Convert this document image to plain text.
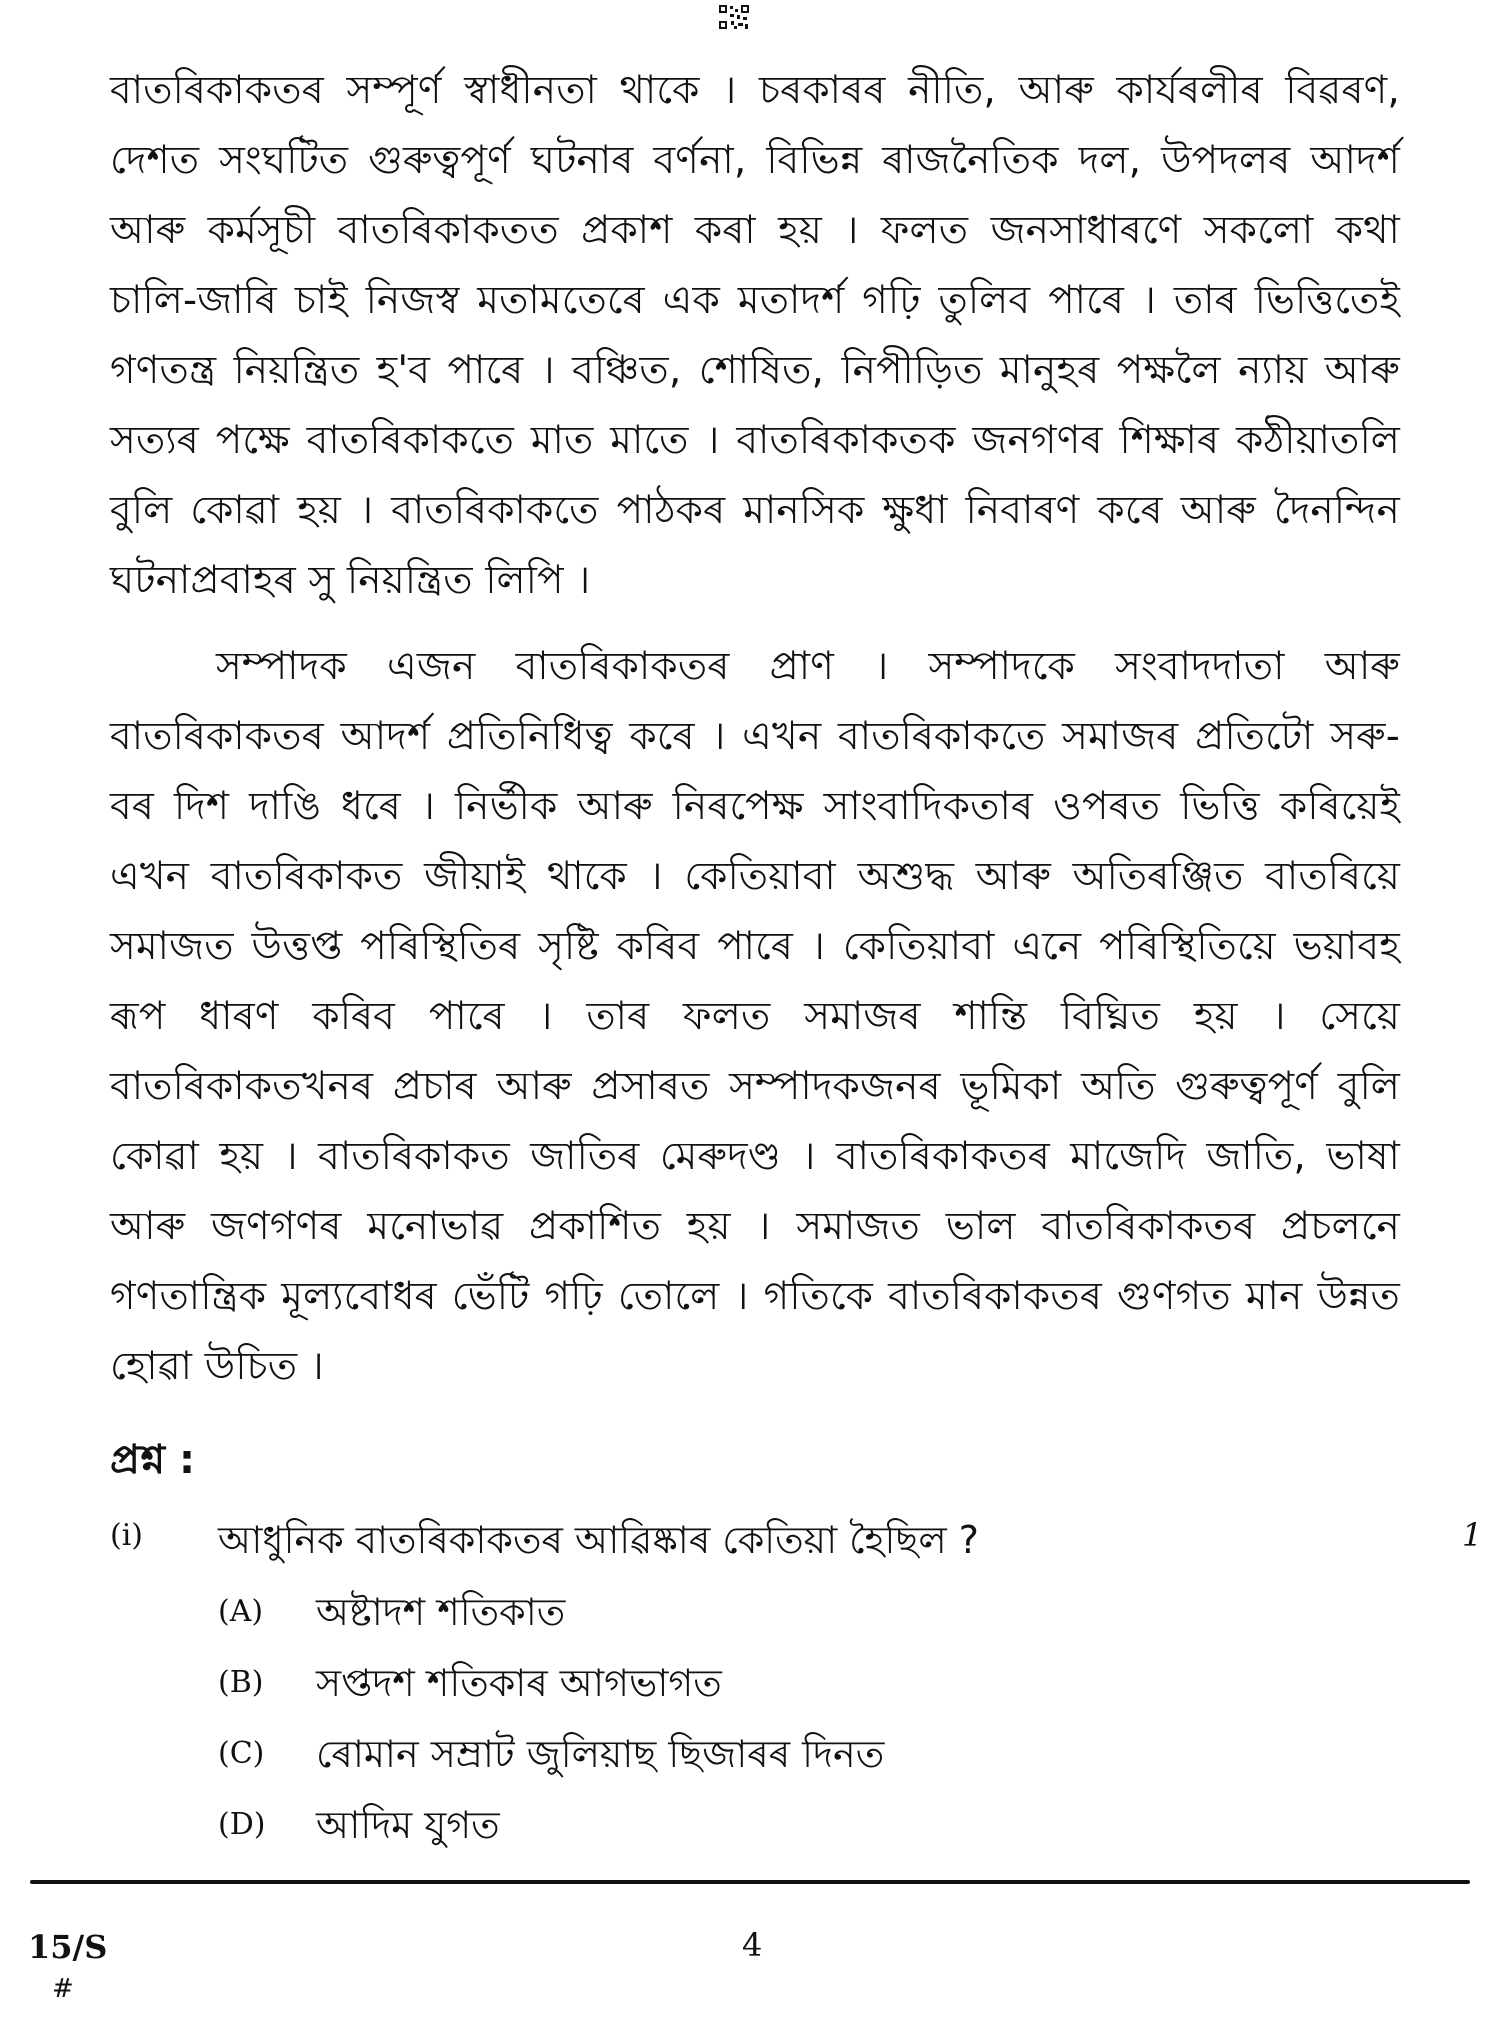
বাতৰিকাকতৰ সম্পূৰ্ণ স্বাধীনতা থাকে । চৰকাৰৰ নীতি, আৰু কাৰ্যৰলীৰ বিৱৰণ, দেশত সংঘটিত গুৰুত্বপূৰ্ণ ঘটনাৰ বৰ্ণনা, বিভিন্ন ৰাজনৈতিক দল, উপদলৰ আদৰ্শ আৰু কৰ্মসূচী বাতৰিকাকতত প্ৰকাশ কৰা হয় । ফলত জনসাধাৰণে সকলো কথা চালি-জাৰি চাই নিজস্ব মতামতেৰে এক মতাদৰ্শ গঢ়ি তুলিব পাৰে । তাৰ ভিত্তিতেই গণতন্ত্ৰ নিয়ন্ত্ৰিত হ'ব পাৰে । বঞ্চিত, শোষিত, নিপীড়িত মানুহৰ পক্ষলৈ ন্যায় আৰু সত্যৰ পক্ষে বাতৰিকাকতে মাত মাতে । বাতৰিকাকতক জনগণৰ শিক্ষাৰ কঠীয়াতলি বুলি কোৱা হয় । বাতৰিকাকতে পাঠকৰ মানসিক ক্ষুধা নিবাৰণ কৰে আৰু দৈনন্দিন ঘটনাপ্ৰবাহৰ সু নিয়ন্ত্ৰিত লিপি ।

সম্পাদক এজন বাতৰিকাকতৰ প্ৰাণ । সম্পাদকে সংবাদদাতা আৰু বাতৰিকাকতৰ আদৰ্শ প্ৰতিনিধিত্ব কৰে । এখন বাতৰিকাকতে সমাজৰ প্ৰতিটো সৰু-বৰ দিশ দাঙি ধৰে । নিৰ্ভীক আৰু নিৰপেক্ষ সাংবাদিকতাৰ ওপৰত ভিত্তি কৰিয়েই এখন বাতৰিকাকত জীয়াই থাকে । কেতিয়াবা অশুদ্ধ আৰু অতিৰঞ্জিত বাতৰিয়ে সমাজত উত্তপ্ত পৰিস্থিতিৰ সৃষ্টি কৰিব পাৰে । কেতিয়াবা এনে পৰিস্থিতিয়ে ভয়াবহ ৰূপ ধাৰণ কৰিব পাৰে । তাৰ ফলত সমাজৰ শান্তি বিঘ্নিত হয় । সেয়ে বাতৰিকাকতখনৰ প্ৰচাৰ আৰু প্ৰসাৰত সম্পাদকজনৰ ভূমিকা অতি গুৰুত্বপূৰ্ণ বুলি কোৱা হয় । বাতৰিকাকত জাতিৰ মেৰুদণ্ড । বাতৰিকাকতৰ মাজেদি জাতি, ভাষা আৰু জণগণৰ মনোভাৱ প্ৰকাশিত হয় । সমাজত ভাল বাতৰিকাকতৰ প্ৰচলনে গণতান্ত্ৰিক মূল্যবোধৰ ভেঁটি গঢ়ি তোলে । গতিকে বাতৰিকাকতৰ গুণগত মান উন্নত হোৱা উচিত ।

প্ৰশ্ন :
(i) আধুনিক বাতৰিকাকতৰ আৱিষ্কাৰ কেতিয়া হৈছিল ?	1
(A) অষ্টাদশ শতিকাত
(B) সপ্তদশ শতিকাৰ আগভাগত
(C) ৰোমান সম্ৰাট জুলিয়াছ ছিজাৰৰ দিনত
(D) আদিম যুগত
15/S
#
4
